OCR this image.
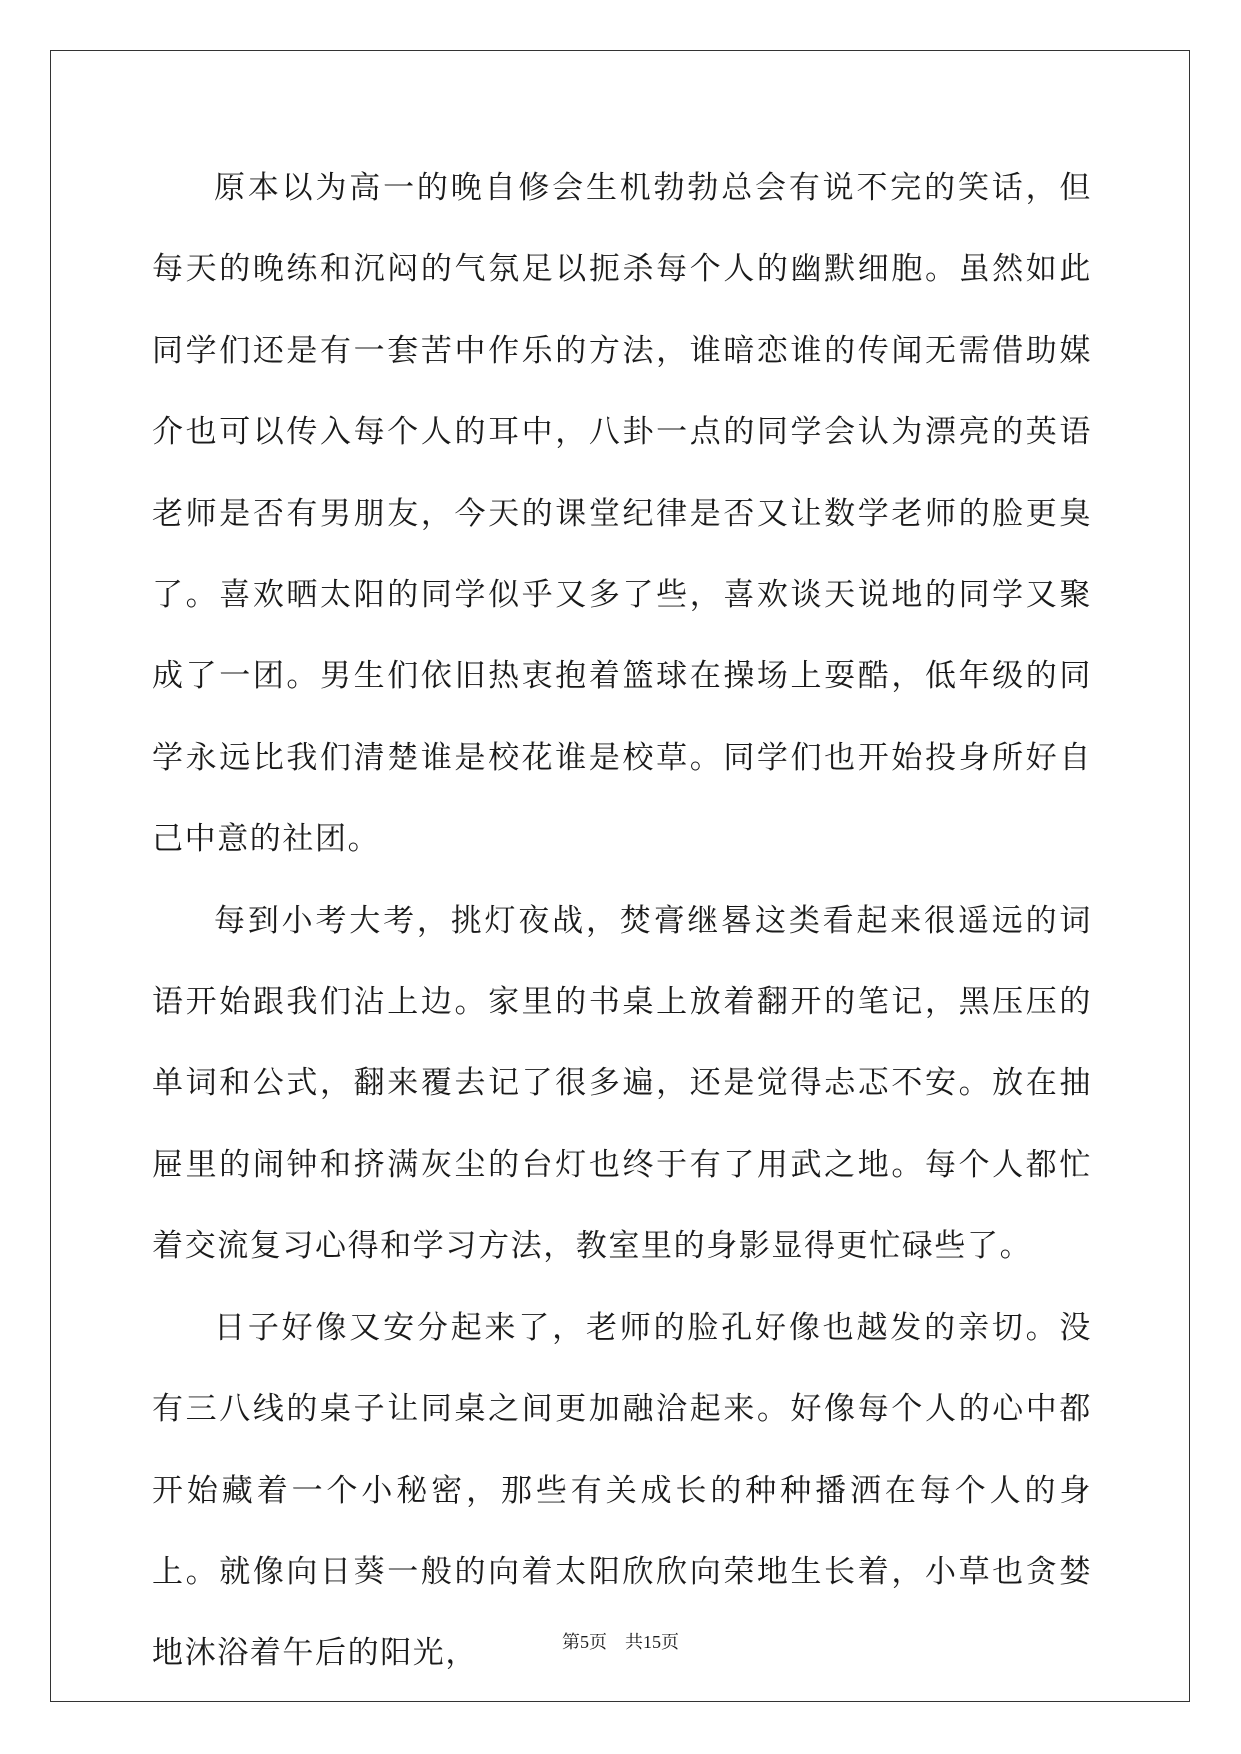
原本以为高一的晚自修会生机勃勃总会有说不完的笑话，但每天的晚练和沉闷的气氛足以扼杀每个人的幽默细胞。虽然如此同学们还是有一套苦中作乐的方法，谁暗恋谁的传闻无需借助媒介也可以传入每个人的耳中，八卦一点的同学会认为漂亮的英语老师是否有男朋友，今天的课堂纪律是否又让数学老师的脸更臭了。喜欢晒太阳的同学似乎又多了些，喜欢谈天说地的同学又聚成了一团。男生们依旧热衷抱着篮球在操场上耍酷，低年级的同学永远比我们清楚谁是校花谁是校草。同学们也开始投身所好自己中意的社团。

每到小考大考，挑灯夜战，焚膏继晷这类看起来很遥远的词语开始跟我们沾上边。家里的书桌上放着翻开的笔记，黑压压的单词和公式，翻来覆去记了很多遍，还是觉得忐忑不安。放在抽屉里的闹钟和挤满灰尘的台灯也终于有了用武之地。每个人都忙着交流复习心得和学习方法，教室里的身影显得更忙碌些了。

日子好像又安分起来了，老师的脸孔好像也越发的亲切。没有三八线的桌子让同桌之间更加融洽起来。好像每个人的心中都开始藏着一个小秘密，那些有关成长的种种播洒在每个人的身上。就像向日葵一般的向着太阳欣欣向荣地生长着，小草也贪婪地沐浴着午后的阳光，	第5页 共15页
